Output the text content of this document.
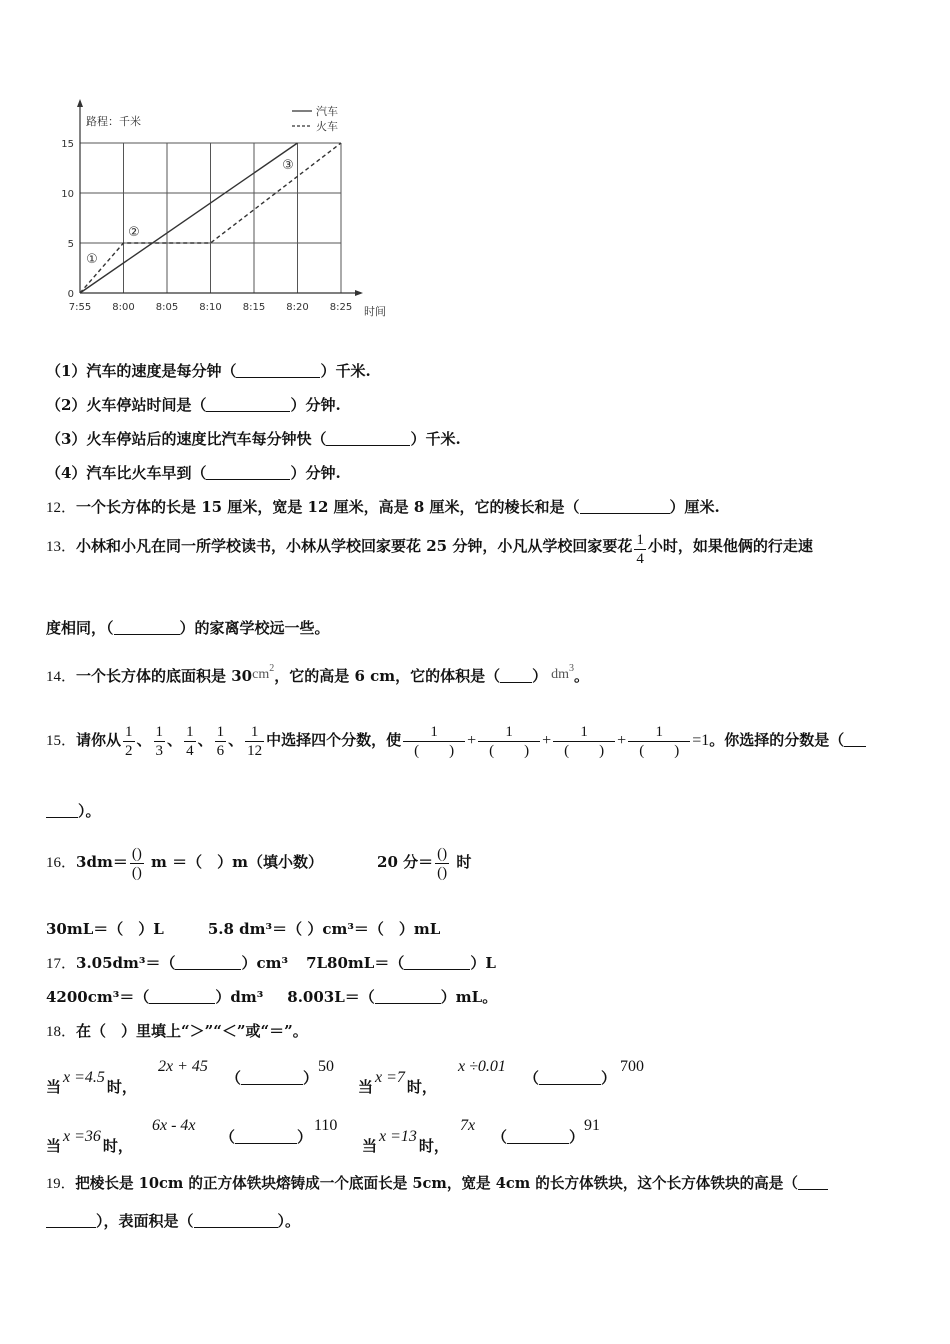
7:55 8:00 8:05 8:10 8:15 8:20 8:25
0
5
10
15
路程：千米
时间
汽车
火车
①
②
③
（1）汽车的速度是每分钟（	）千米.
（2）火车停站时间是（	）分钟.
（3）火车停站后的速度比汽车每分钟快（	）千米.
（4）汽车比火车早到（	）分钟.
12．一个长方体的长是 15 厘米，宽是 12 厘米，高是 8 厘米，它的棱长和是（	）厘米.
13．小林和小凡在同一所学校读书，小林从学校回家要花 25 分钟，小凡从学校回家要花 $\frac{1}{4}$ 小时，如果他俩的行走速
度相同，（	）的家离学校远一些。
14．一个长方体的底面积是 $30cm^2$，它的高是 6 cm，它的体积是（ ） $dm^3$。
15．请你从 $\frac{1}{2}$ 、 $\frac{1}{3}$ 、 $\frac{1}{4}$ 、 $\frac{1}{6}$ 、 $\frac{1}{12}$ 中选择四个分数，使 $\frac{1}{( )} + \frac{1}{( )} + \frac{1}{( )} + \frac{1}{( )} =1$。你选择的分数是（
）。
16．$3dm= \frac{()}{()}$ m ＝（　）m（填小数）	20 分＝ $\frac{()}{()}$ 时
30mL＝（　）L	5.8 dm³＝（ ）cm³＝（　）mL
17．3.05dm³＝（	）cm³ 7L80mL＝（	）L
4200cm³＝（	）dm³ 8.003L＝（	）mL。
18．在（　）里填上“＞”“＜”或“＝”。
当x =4.5时，
2x + 45
（	）
50
当x =7时，
x ÷0.01
（	）
700
当x =36时，
6x - 4x
（	）
110
当x =13时，
7x
（	）
91
19．把棱长是 10cm 的正方体铁块熔铸成一个底面长是 5cm，宽是 4cm 的长方体铁块，这个长方体铁块的高是（
），表面积是（	）。
